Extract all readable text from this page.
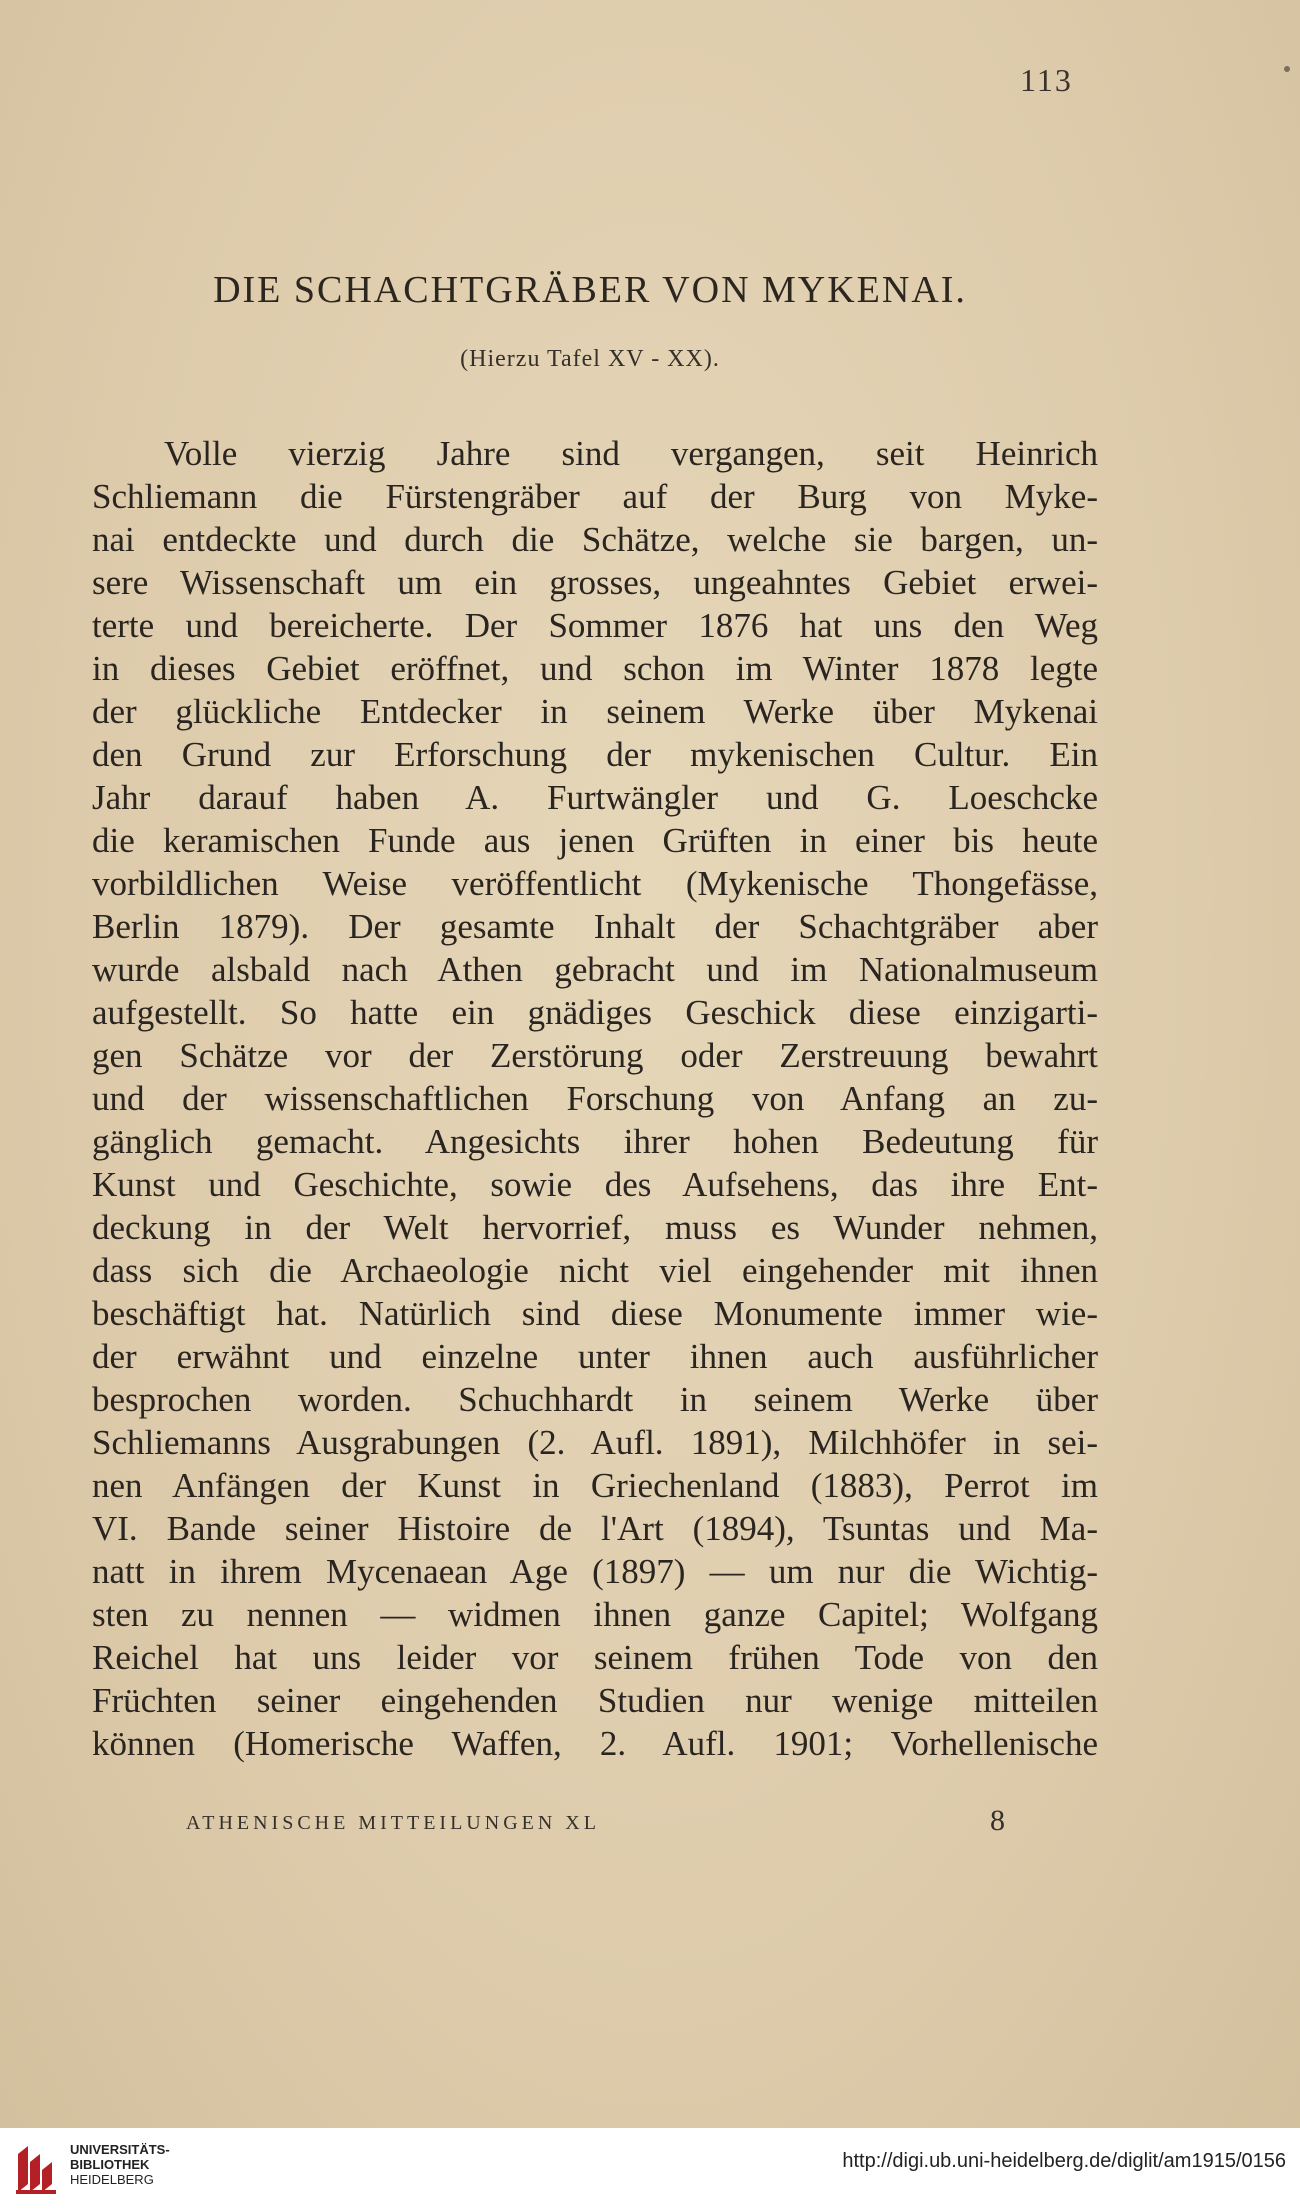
113
DIE SCHACHTGRÄBER VON MYKENAI.
(Hierzu Tafel XV - XX).
Volle vierzig Jahre sind vergangen, seit Heinrich
Schliemann die Fürstengräber auf der Burg von Myke-
nai entdeckte und durch die Schätze, welche sie bargen, un-
sere Wissenschaft um ein grosses, ungeahntes Gebiet erwei-
terte und bereicherte. Der Sommer 1876 hat uns den Weg
in dieses Gebiet eröffnet, und schon im Winter 1878 legte
der glückliche Entdecker in seinem Werke über Mykenai
den Grund zur Erforschung der mykenischen Cultur. Ein
Jahr darauf haben A. Furtwängler und G. Loeschcke
die keramischen Funde aus jenen Grüften in einer bis heute
vorbildlichen Weise veröffentlicht (Mykenische Thongefässe,
Berlin 1879). Der gesamte Inhalt der Schachtgräber aber
wurde alsbald nach Athen gebracht und im Nationalmuseum
aufgestellt. So hatte ein gnädiges Geschick diese einzigarti-
gen Schätze vor der Zerstörung oder Zerstreuung bewahrt
und der wissenschaftlichen Forschung von Anfang an zu-
gänglich gemacht. Angesichts ihrer hohen Bedeutung für
Kunst und Geschichte, sowie des Aufsehens, das ihre Ent-
deckung in der Welt hervorrief, muss es Wunder nehmen,
dass sich die Archaeologie nicht viel eingehender mit ihnen
beschäftigt hat. Natürlich sind diese Monumente immer wie-
der erwähnt und einzelne unter ihnen auch ausführlicher
besprochen worden. Schuchhardt in seinem Werke über
Schliemanns Ausgrabungen (2. Aufl. 1891), Milchhöfer in sei-
nen Anfängen der Kunst in Griechenland (1883), Perrot im
VI. Bande seiner Histoire de l'Art (1894), Tsuntas und Ma-
natt in ihrem Mycenaean Age (1897) — um nur die Wichtig-
sten zu nennen — widmen ihnen ganze Capitel; Wolfgang
Reichel hat uns leider vor seinem frühen Tode von den
Früchten seiner eingehenden Studien nur wenige mitteilen
können (Homerische Waffen, 2. Aufl. 1901; Vorhellenische
ATHENISCHE MITTEILUNGEN XL	8
UNIVERSITÄTS-
BIBLIOTHEK
HEIDELBERG
http://digi.ub.uni-heidelberg.de/diglit/am1915/0156
